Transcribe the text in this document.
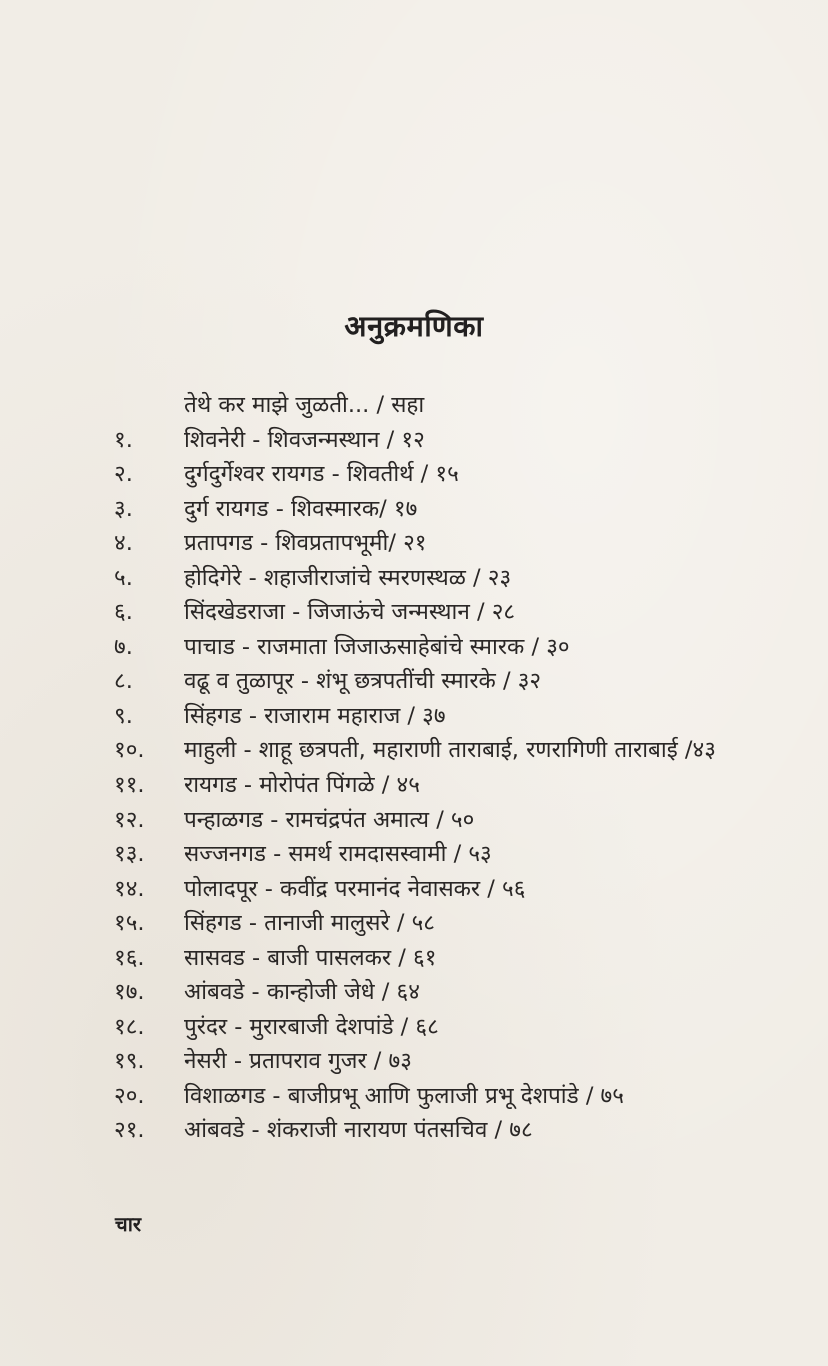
अनुक्रमणिका
तेथे कर माझे जुळती... / सहा
१.	शिवनेरी - शिवजन्मस्थान / १२
२.	दुर्गदुर्गेश्वर रायगड - शिवतीर्थ / १५
३.	दुर्ग रायगड - शिवस्मारक/ १७
४.	प्रतापगड - शिवप्रतापभूमी/ २१
५.	होदिगेरे - शहाजीराजांचे स्मरणस्थळ / २३
६.	सिंदखेडराजा - जिजाऊंचे जन्मस्थान / २८
७.	पाचाड - राजमाता जिजाऊसाहेबांचे स्मारक / ३०
८.	वढू व तुळापूर - शंभू छत्रपतींची स्मारके / ३२
९.	सिंहगड - राजाराम महाराज / ३७
१०.	माहुली - शाहू छत्रपती, महाराणी ताराबाई, रणरागिणी ताराबाई /४३
११.	रायगड - मोरोपंत पिंगळे / ४५
१२.	पन्हाळगड - रामचंद्रपंत अमात्य / ५०
१३.	सज्जनगड - समर्थ रामदासस्वामी / ५३
१४.	पोलादपूर - कवींद्र परमानंद नेवासकर / ५६
१५.	सिंहगड - तानाजी मालुसरे / ५८
१६.	सासवड - बाजी पासलकर / ६१
१७.	आंबवडे - कान्होजी जेधे / ६४
१८.	पुरंदर - मुरारबाजी देशपांडे / ६८
१९.	नेसरी - प्रतापराव गुजर / ७३
२०.	विशाळगड - बाजीप्रभू आणि फुलाजी प्रभू देशपांडे / ७५
२१.	आंबवडे - शंकराजी नारायण पंतसचिव / ७८
चार
